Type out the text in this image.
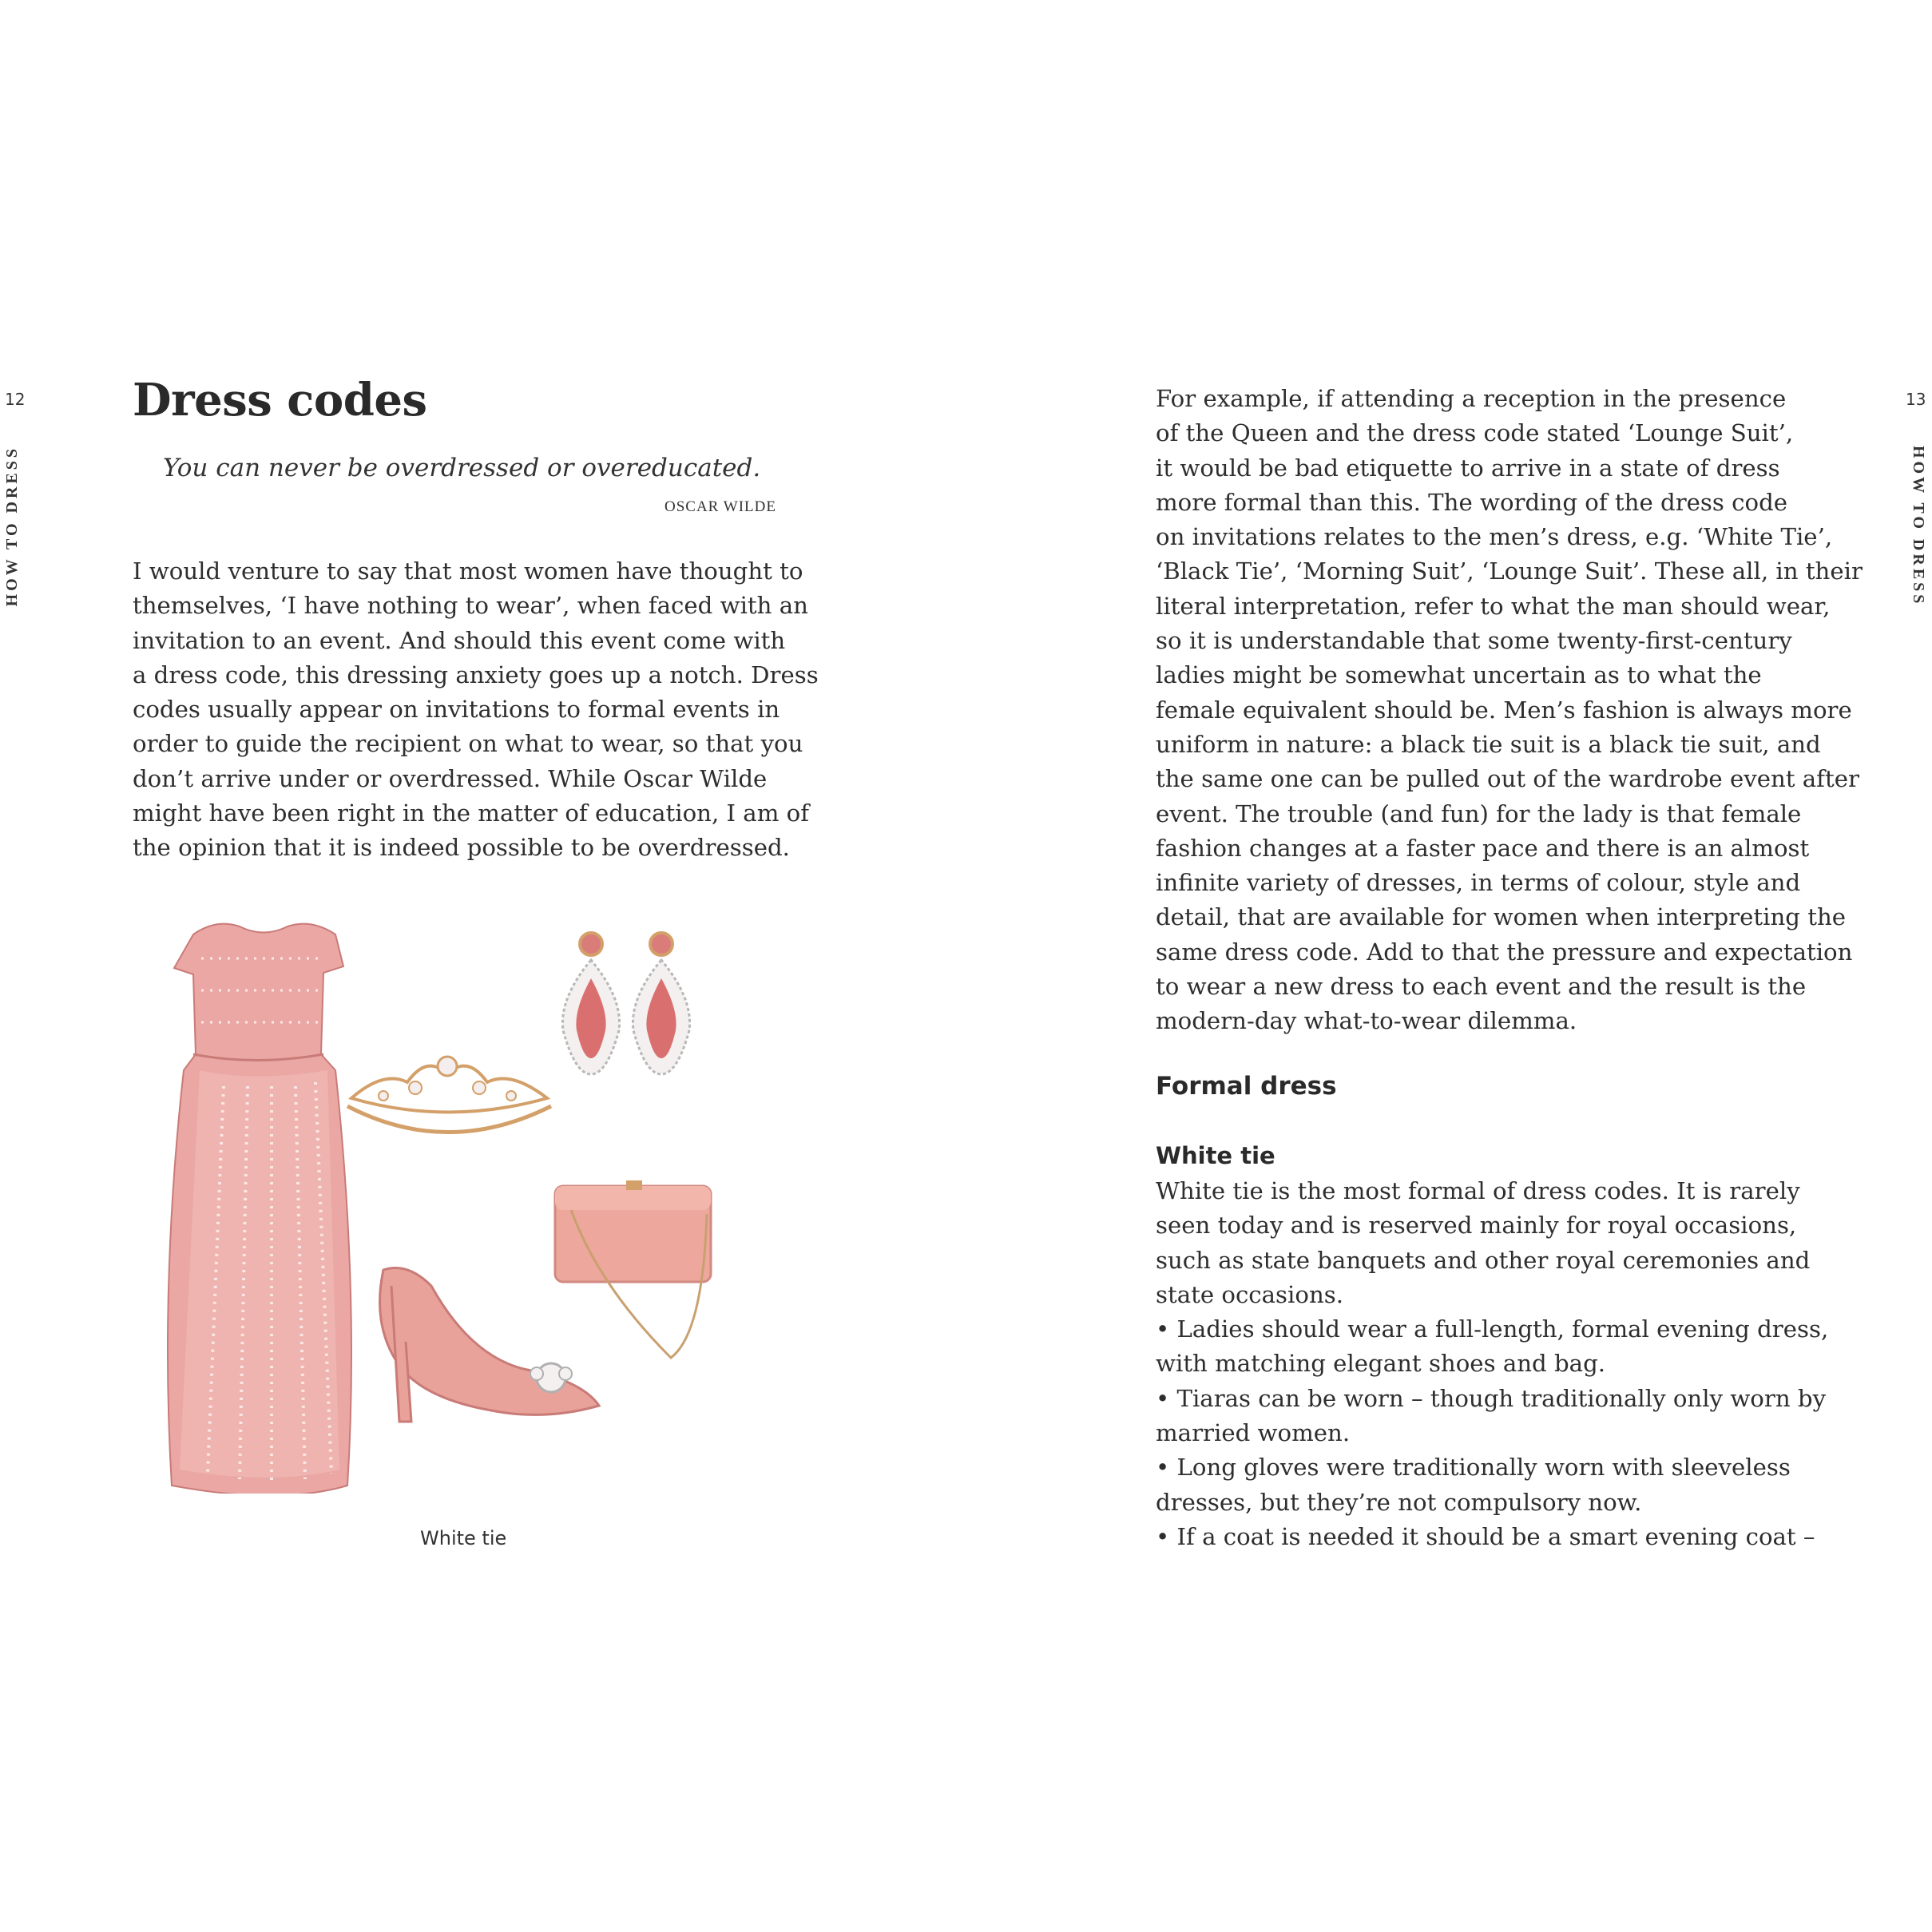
12
HOW TO DRESS
Dress codes
You can never be overdressed or overeducated.
OSCAR WILDE
I would venture to say that most women have thought to
themselves, ‘I have nothing to wear’, when faced with an
invitation to an event. And should this event come with
a dress code, this dressing anxiety goes up a notch. Dress
codes usually appear on invitations to formal events in
order to guide the recipient on what to wear, so that you
don’t arrive under or overdressed. While Oscar Wilde
might have been right in the matter of education, I am of
the opinion that it is indeed possible to be overdressed.
White tie
13
HOW TO DRESS
For example, if attending a reception in the presence
of the Queen and the dress code stated ‘Lounge Suit’,
it would be bad etiquette to arrive in a state of dress
more formal than this. The wording of the dress code
on invitations relates to the men’s dress, e.g. ‘White Tie’,
‘Black Tie’, ‘Morning Suit’, ‘Lounge Suit’. These all, in their
literal interpretation, refer to what the man should wear,
so it is understandable that some twenty-first-century
ladies might be somewhat uncertain as to what the
female equivalent should be. Men’s fashion is always more
uniform in nature: a black tie suit is a black tie suit, and
the same one can be pulled out of the wardrobe event after
event. The trouble (and fun) for the lady is that female
fashion changes at a faster pace and there is an almost
infinite variety of dresses, in terms of colour, style and
detail, that are available for women when interpreting the
same dress code. Add to that the pressure and expectation
to wear a new dress to each event and the result is the
modern-day what-to-wear dilemma.
Formal dress
White tie
White tie is the most formal of dress codes. It is rarely
seen today and is reserved mainly for royal occasions,
such as state banquets and other royal ceremonies and
state occasions.
• Ladies should wear a full-length, formal evening dress,
with matching elegant shoes and bag.
• Tiaras can be worn – though traditionally only worn by
married women.
• Long gloves were traditionally worn with sleeveless
dresses, but they’re not compulsory now.
• If a coat is needed it should be a smart evening coat –
